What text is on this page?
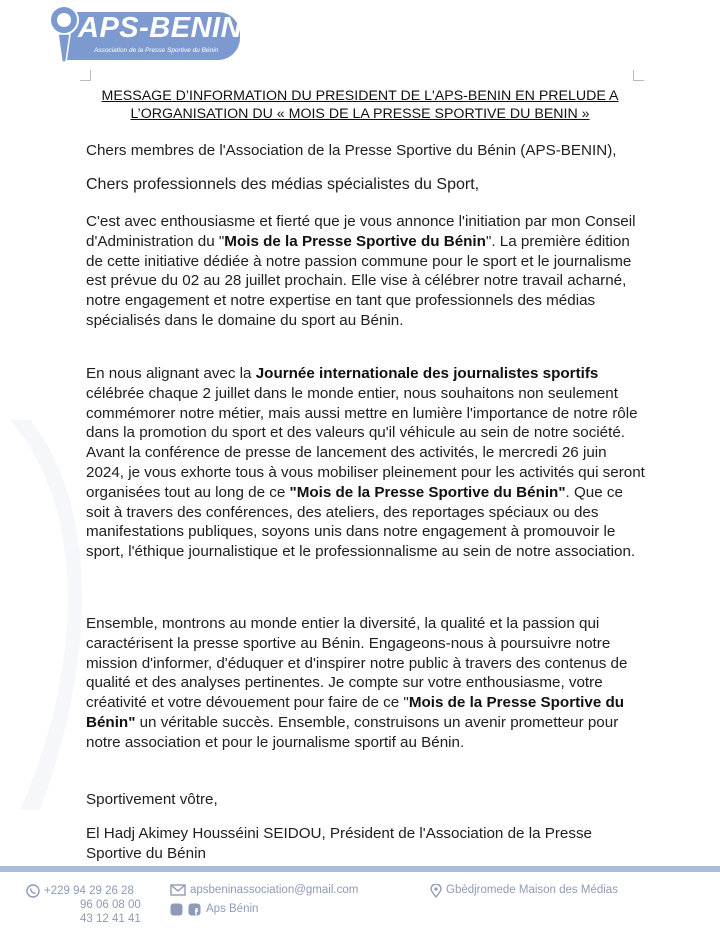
APS-BENIN
Association de la Presse Sportive du Bénin
MESSAGE D’INFORMATION DU PRESIDENT DE L'APS-BENIN EN PRELUDE A
L’ORGANISATION DU « MOIS DE LA PRESSE SPORTIVE DU BENIN »
Chers membres de l'Association de la Presse Sportive du Bénin (APS-BENIN),
Chers professionnels des médias spécialistes du Sport,
C'est avec enthousiasme et fierté que je vous annonce l'initiation par mon Conseil d'Administration du "Mois de la Presse Sportive du Bénin". La première édition de cette initiative dédiée à notre passion commune pour le sport et le journalisme est prévue du 02 au 28 juillet prochain. Elle vise à célébrer notre travail acharné, notre engagement et notre expertise en tant que professionnels des médias spécialisés dans le domaine du sport au Bénin.
En nous alignant avec la Journée internationale des journalistes sportifs célébrée chaque 2 juillet dans le monde entier, nous souhaitons non seulement commémorer notre métier, mais aussi mettre en lumière l'importance de notre rôle dans la promotion du sport et des valeurs qu'il véhicule au sein de notre société. Avant la conférence de presse de lancement des activités, le mercredi 26 juin 2024, je vous exhorte tous à vous mobiliser pleinement pour les activités qui seront organisées tout au long de ce "Mois de la Presse Sportive du Bénin". Que ce soit à travers des conférences, des ateliers, des reportages spéciaux ou des manifestations publiques, soyons unis dans notre engagement à promouvoir le sport, l'éthique journalistique et le professionnalisme au sein de notre association.
Ensemble, montrons au monde entier la diversité, la qualité et la passion qui caractérisent la presse sportive au Bénin. Engageons-nous à poursuivre notre mission d'informer, d'éduquer et d'inspirer notre public à travers des contenus de qualité et des analyses pertinentes. Je compte sur votre enthousiasme, votre créativité et votre dévouement pour faire de ce "Mois de la Presse Sportive du Bénin" un véritable succès. Ensemble, construisons un avenir prometteur pour notre association et pour le journalisme sportif au Bénin.
Sportivement vôtre,
El Hadj Akimey Housséini SEIDOU, Président de l'Association de la Presse Sportive du Bénin
+229 94 29 26 28
96 06 08 00
43 12 41 41
apsbeninassociation@gmail.com
Aps Bénin
Gbèdjromede Maison des Médias
